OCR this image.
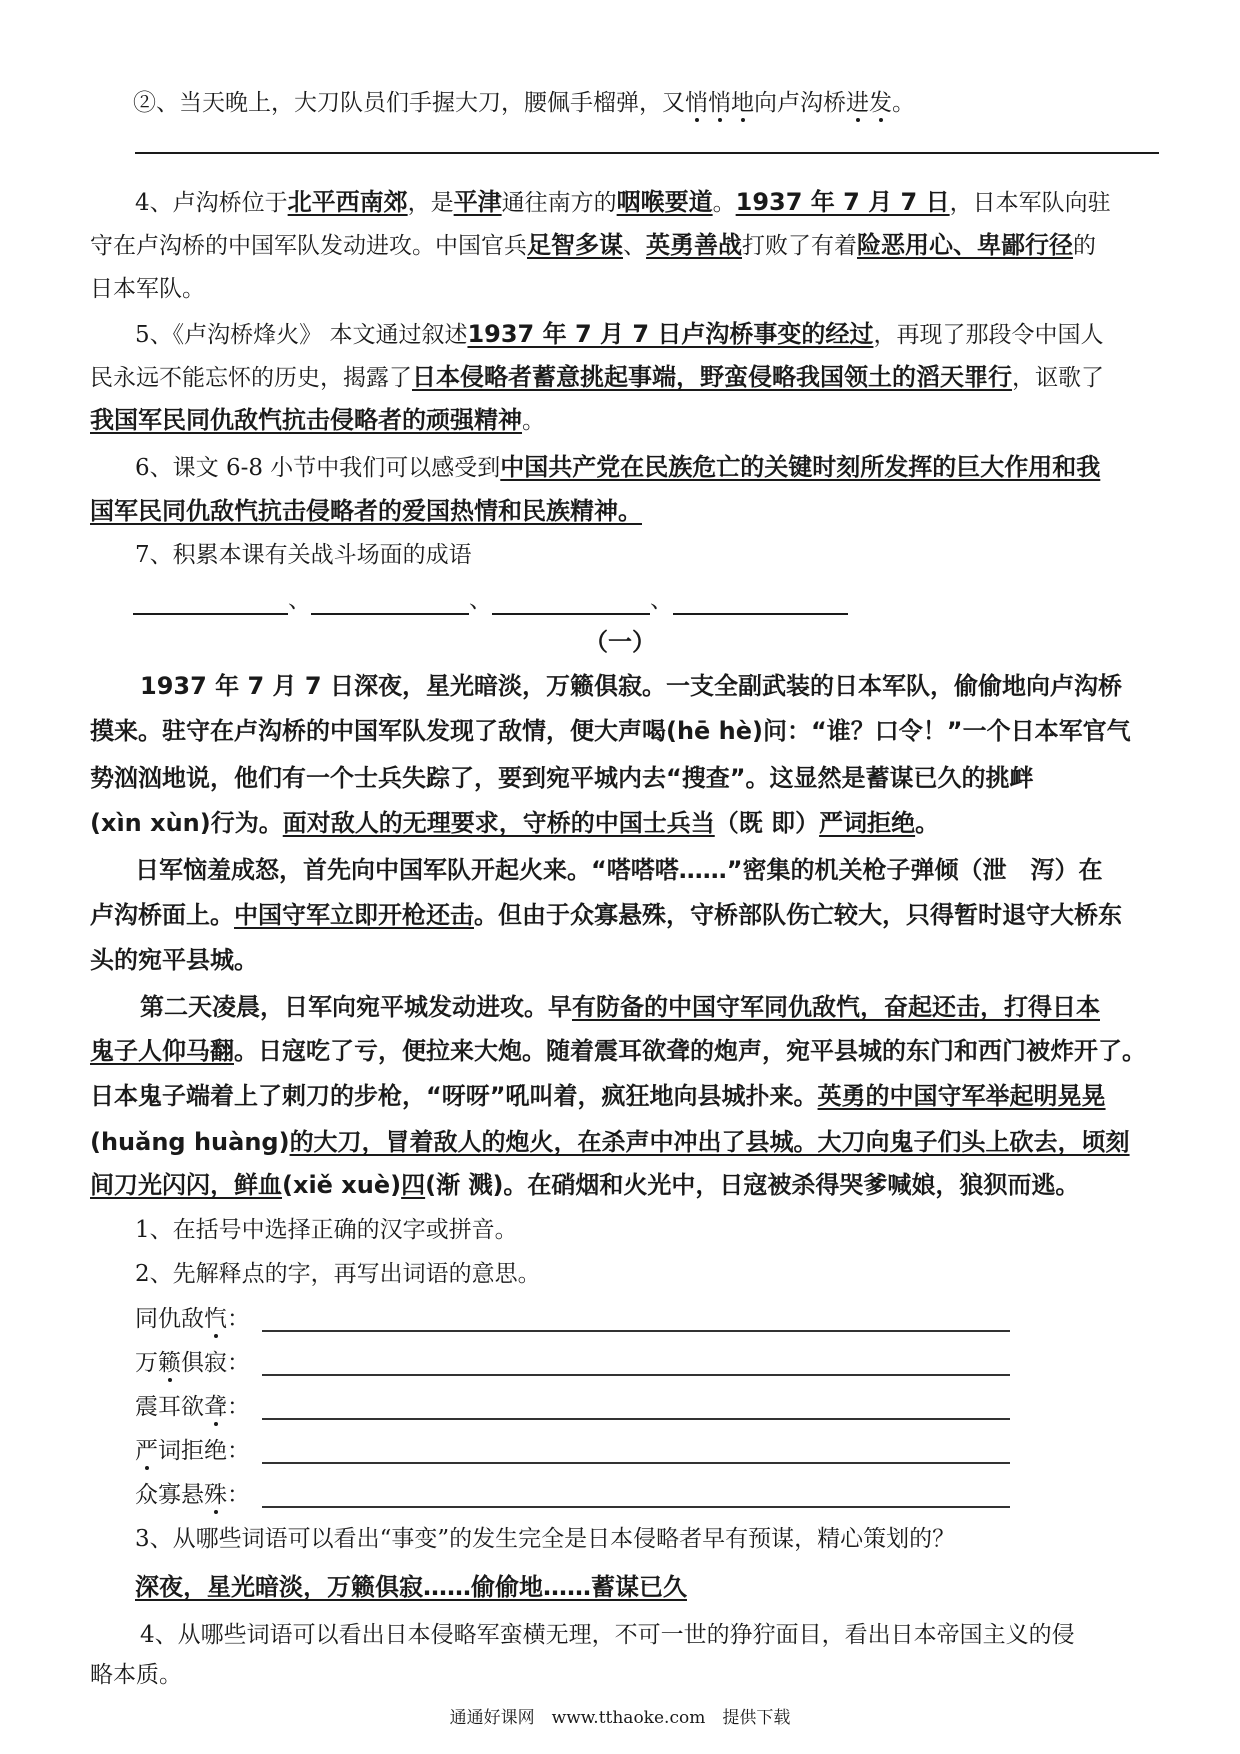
②、当天晚上，大刀队员们手握大刀，腰佩手榴弹，又悄悄地向卢沟桥进发。
4、卢沟桥位于北平西南郊，是平津通往南方的咽喉要道。1937 年 7 月 7 日，日本军队向驻
守在卢沟桥的中国军队发动进攻。中国官兵足智多谋、英勇善战打败了有着险恶用心、卑鄙行径的
日本军队。
5、《卢沟桥烽火》 本文通过叙述1937 年 7 月 7 日卢沟桥事变的经过，再现了那段令中国人
民永远不能忘怀的历史，揭露了日本侵略者蓄意挑起事端，野蛮侵略我国领土的滔天罪行，讴歌了
我国军民同仇敌忾抗击侵略者的顽强精神。
6、课文 6-8 小节中我们可以感受到中国共产党在民族危亡的关键时刻所发挥的巨大作用和我
国军民同仇敌忾抗击侵略者的爱国热情和民族精神。
7、积累本课有关战斗场面的成语
、	、	、
（一）
1937 年 7 月 7 日深夜，星光暗淡，万籁俱寂。一支全副武装的日本军队，偷偷地向卢沟桥
摸来。驻守在卢沟桥的中国军队发现了敌情，便大声喝(hē hè)问：“谁？口令！”一个日本军官气
势汹汹地说，他们有一个士兵失踪了，要到宛平城内去“搜查”。这显然是蓄谋已久的挑衅
(xìn xùn)行为。面对敌人的无理要求，守桥的中国士兵当（既 即）严词拒绝。
日军恼羞成怒，首先向中国军队开起火来。“嗒嗒嗒……”密集的机关枪子弹倾（泄　泻）在
卢沟桥面上。中国守军立即开枪还击。但由于众寡悬殊，守桥部队伤亡较大，只得暂时退守大桥东
头的宛平县城。
第二天凌晨，日军向宛平城发动进攻。早有防备的中国守军同仇敌忾，奋起还击，打得日本
鬼子人仰马翻。日寇吃了亏，便拉来大炮。随着震耳欲聋的炮声，宛平县城的东门和西门被炸开了。
日本鬼子端着上了刺刀的步枪，“呀呀”吼叫着，疯狂地向县城扑来。英勇的中国守军举起明晃晃
(huǎng huàng)的大刀，冒着敌人的炮火，在杀声中冲出了县城。大刀向鬼子们头上砍去，顷刻
间刀光闪闪，鲜血(xiě xuè)四(渐 溅)。在硝烟和火光中，日寇被杀得哭爹喊娘，狼狈而逃。
1、在括号中选择正确的汉字或拼音。
2、先解释点的字，再写出词语的意思。
同仇敌忾：
万籁俱寂：
震耳欲聋：
严词拒绝：
众寡悬殊：
3、从哪些词语可以看出“事变”的发生完全是日本侵略者早有预谋，精心策划的？
深夜，星光暗淡，万籁俱寂……偷偷地……蓄谋已久
4、从哪些词语可以看出日本侵略军蛮横无理，不可一世的狰狞面目，看出日本帝国主义的侵
略本质。
通通好课网　www.tthaoke.com　提供下载
